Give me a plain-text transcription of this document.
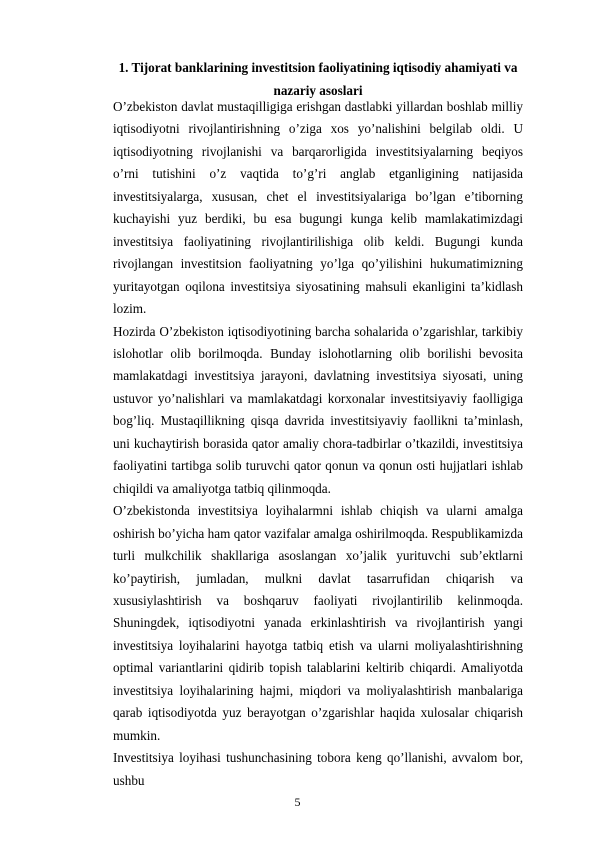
1. Tijorat banklarining investitsion faoliyatining iqtisodiy ahamiyati va
nazariy asoslari

O’zbekiston davlat mustaqilligiga erishgan dastlabki yillardan boshlab milliy iqtisodiyotni rivojlantirishning o’ziga xos yo’nalishini belgilab oldi. U iqtisodiyotning rivojlanishi va barqarorligida investitsiyalarning beqiyos o’rni tutishini o’z vaqtida to’g’ri anglab etganligining natijasida investitsiyalarga, xususan, chet el investitsiyalariga bo’lgan e’tiborning kuchayishi yuz berdiki, bu esa bugungi kunga kelib mamlakatimizdagi investitsiya faoliyatining rivojlantirilishiga olib keldi. Bugungi kunda rivojlangan investitsion faoliyatning yo’lga qo’yilishini hukumatimizning yuritayotgan oqilona investitsiya siyosatining mahsuli ekanligini ta’kidlash lozim.

Hozirda O’zbekiston iqtisodiyotining barcha sohalarida o’zgarishlar, tarkibiy islohotlar olib borilmoqda. Bunday islohotlarning olib borilishi bevosita mamlakatdagi investitsiya jarayoni, davlatning investitsiya siyosati, uning ustuvor yo’nalishlari va mamlakatdagi korxonalar investitsiyaviy faolligiga bog’liq. Mustaqillikning qisqa davrida investitsiyaviy faollikni ta’minlash, uni kuchaytirish borasida qator amaliy chora-tadbirlar o’tkazildi, investitsiya faoliyatini tartibga solib turuvchi qator qonun va qonun osti hujjatlari ishlab chiqildi va amaliyotga tatbiq qilinmoqda.

O’zbekistonda investitsiya loyihalarmni ishlab chiqish va ularni amalga oshirish bo’yicha ham qator vazifalar amalga oshirilmoqda. Respublikamizda turli mulkchilik shakllariga asoslangan xo’jalik yurituvchi sub’ektlarni ko’paytirish, jumladan, mulkni davlat tasarrufidan chiqarish va xususiylashtirish va boshqaruv faoliyati rivojlantirilib kelinmoqda. Shuningdek, iqtisodiyotni yanada erkinlashtirish va rivojlantirish yangi investitsiya loyihalarini hayotga tatbiq etish va ularni moliyalashtirishning optimal variantlarini qidirib topish talablarini keltirib chiqardi. Amaliyotda investitsiya loyihalarining hajmi, miqdori va moliyalashtirish manbalariga qarab iqtisodiyotda yuz berayotgan o’zgarishlar haqida xulosalar chiqarish mumkin.

Investitsiya loyihasi tushunchasining tobora keng qo’llanishi, avvalom bor, ushbu

5
